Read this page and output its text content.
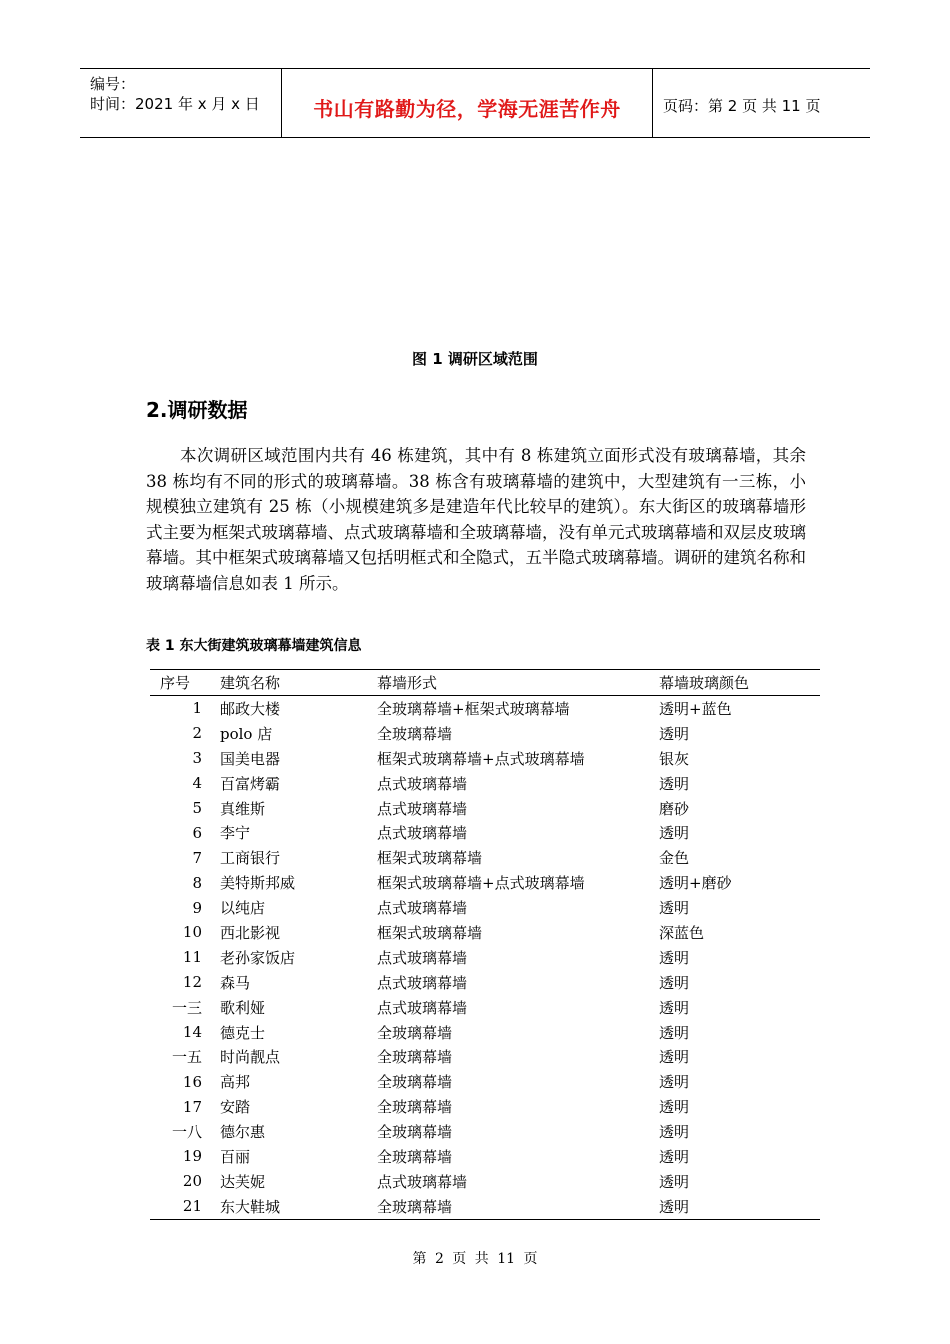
编号：
时间：2021 年 x 月 x 日	书山有路勤为径，学海无涯苦作舟	页码：第 2 页 共 11 页
图 1 调研区域范围
2.调研数据

本次调研区域范围内共有 46 栋建筑，其中有 8 栋建筑立面形式没有玻璃幕墙，其余 38 栋均有不同的形式的玻璃幕墙。38 栋含有玻璃幕墙的建筑中，大型建筑有一三栋，小规模独立建筑有 25 栋（小规模建筑多是建造年代比较早的建筑）。东大街区的玻璃幕墙形式主要为框架式玻璃幕墙、点式玻璃幕墙和全玻璃幕墙，没有单元式玻璃幕墙和双层皮玻璃幕墙。其中框架式玻璃幕墙又包括明框式和全隐式，五半隐式玻璃幕墙。调研的建筑名称和玻璃幕墙信息如表 1 所示。

表 1 东大街建筑玻璃幕墙建筑信息
序号	建筑名称	幕墙形式	幕墙玻璃颜色
1	邮政大楼	全玻璃幕墙+框架式玻璃幕墙	透明+蓝色
2	polo 店	全玻璃幕墙	透明
3	国美电器	框架式玻璃幕墙+点式玻璃幕墙	银灰
4	百富烤霸	点式玻璃幕墙	透明
5	真维斯	点式玻璃幕墙	磨砂
6	李宁	点式玻璃幕墙	透明
7	工商银行	框架式玻璃幕墙	金色
8	美特斯邦威	框架式玻璃幕墙+点式玻璃幕墙	透明+磨砂
9	以纯店	点式玻璃幕墙	透明
10	西北影视	框架式玻璃幕墙	深蓝色
11	老孙家饭店	点式玻璃幕墙	透明
12	森马	点式玻璃幕墙	透明
一三	歌利娅	点式玻璃幕墙	透明
14	德克士	全玻璃幕墙	透明
一五	时尚靓点	全玻璃幕墙	透明
16	高邦	全玻璃幕墙	透明
17	安踏	全玻璃幕墙	透明
一八	德尔惠	全玻璃幕墙	透明
19	百丽	全玻璃幕墙	透明
20	达芙妮	点式玻璃幕墙	透明
21	东大鞋城	全玻璃幕墙	透明
第 2 页 共 11 页
